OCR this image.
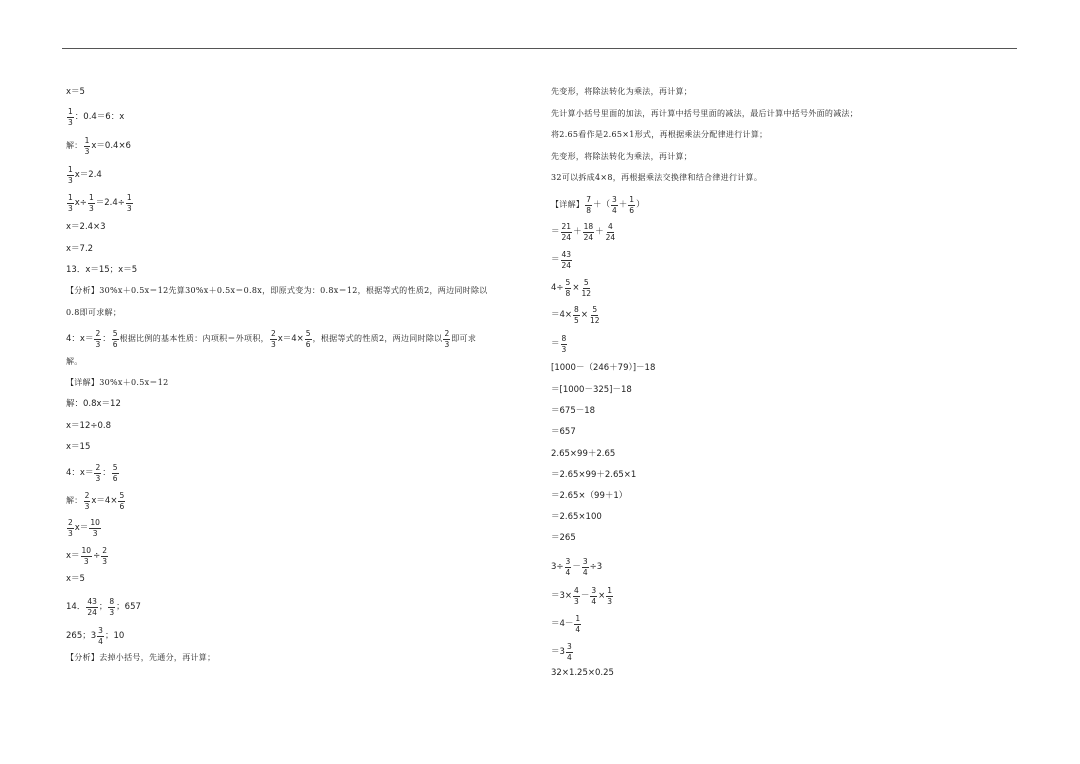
x＝5
1
3
：0.4＝6：x
解：
1
3
x＝0.4×6
1
3
x＝2.4
1
3
$x\div \frac{1}{3} =2.4\div \frac{1}{3}$
x＝2.4×3
x＝7.2
13．x＝15；x＝5
【分析】30%x＋0.5x＝12先算30%x＋0.5x＝0.8x，即原式变为：0.8x＝12，根据等式的性质2，两边同时除以
0.8即可求解；
4：x＝
2
3
：
5
6
根据比例的基本性质：内项积＝外项积，
2
3
$x=4\times \frac{5}{6}$ ，根据等式的性质2，两边同时除以
2
3
即可求
解。
【详解】30%x＋0.5x＝12
解：0.8x＝12
x＝12÷0.8
x＝15
4：x＝
2
3
：
5
6
解：
2
3
$x=4\times \frac{5}{6}$
2
3
x＝
10
3
$x= \frac{10}{3} \div \frac{2}{3}$
x＝5
14．
43
24
；
8
3
；657
265； 3
3
4
；10
【分析】去掉小括号，先通分，再计算；
先变形，将除法转化为乘法，再计算；
先计算小括号里面的加法，再计算中括号里面的减法，最后计算中括号外面的减法；
将2.65看作是2.65×1形式，再根据乘法分配律进行计算；
先变形，将除法转化为乘法，再计算；
32可以拆成4×8，再根据乘法交换律和结合律进行计算。
【详解】
7
8
＋（
3
4
＋
1
6
）
＝
21
24
＋
18
24
＋
4
24
＝
43
24
$4\div \frac{5}{8} \times \frac{5}{12}$
$=4\times \frac{8}{5} \times \frac{5}{12}$
＝
8
3
[1000－（246＋79）]－18
＝[1000－325]－18
＝675－18
＝657
2.65×99＋2.65
＝2.65×99＋2.65×1
＝2.65×（99＋1）
＝2.65×100
＝265
$3\div \frac{3}{4} - \frac{3}{4} \div 3$
$=3\times \frac{4}{3} - \frac{3}{4} \times \frac{1}{3}$
＝4－
1
4
＝ 3
3
4
32×1.25×0.25
